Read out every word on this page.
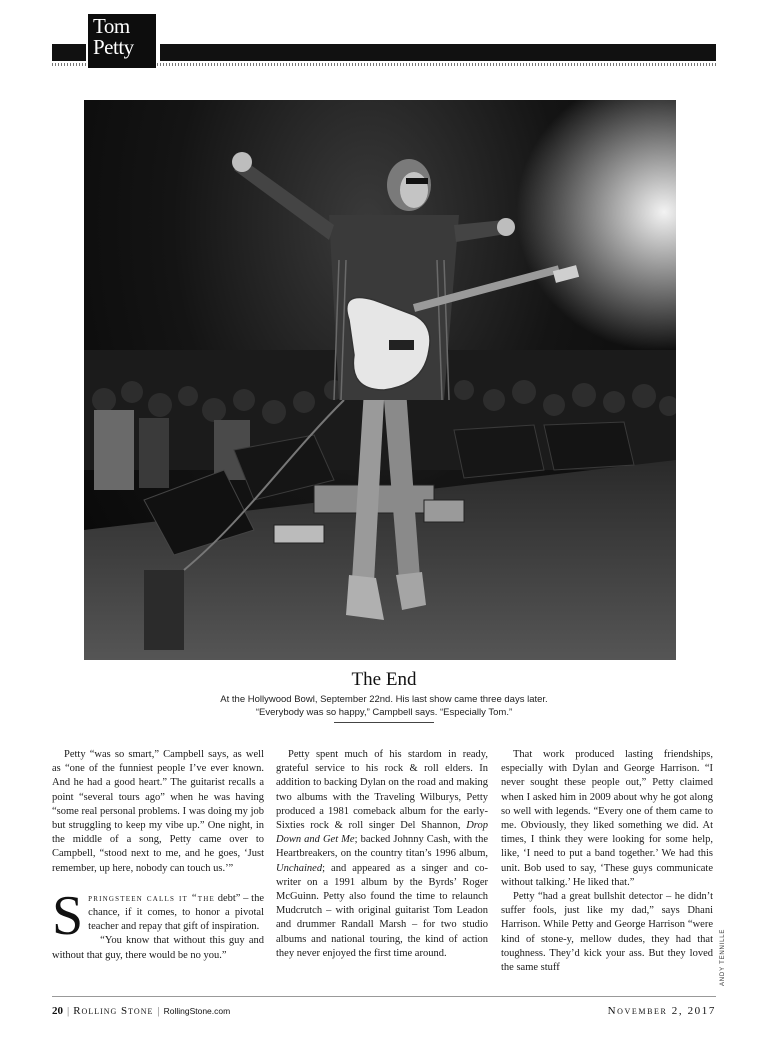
Tom
Petty
The End
At the Hollywood Bowl, September 22nd. His last show came three days later. “Everybody was so happy,” Campbell says. “Especially Tom.”

Petty “was so smart,” Campbell says, as well as “one of the funniest people I’ve ever known. And he had a good heart.” The guitarist recalls a point “several tours ago” when he was having “some real personal problems. I was doing my job but struggling to keep my vibe up.” One night, in the middle of a song, Petty came over to Campbell, “stood next to me, and he goes, ‘Just remember, up here, nobody can touch us.’”

Springsteen calls it “the debt” – the chance, if it comes, to honor a pivotal teacher and repay that gift of inspiration.

“You know that without this guy and without that guy, there would be no you.”

Petty spent much of his stardom in ready, grateful service to his rock & roll elders. In addition to backing Dylan on the road and making two albums with the Traveling Wilburys, Petty produced a 1981 comeback album for the early-Sixties rock & roll singer Del Shannon, Drop Down and Get Me; backed Johnny Cash, with the Heartbreakers, on the country titan’s 1996 album, Unchained; and appeared as a singer and co-writer on a 1991 album by the Byrds’ Roger McGuinn. Petty also found the time to relaunch Mudcrutch – with original guitarist Tom Leadon and drummer Randall Marsh – for two studio albums and national touring, the kind of action they never enjoyed the first time around.

That work produced lasting friendships, especially with Dylan and George Harrison. “I never sought these people out,” Petty claimed when I asked him in 2009 about why he got along so well with legends. “Every one of them came to me. Obviously, they liked something we did. At times, I think they were looking for some help, like, ‘I need to put a band together.’ We had this unit. Bob used to say, ‘These guys communicate without talking.’ He liked that.”

Petty “had a great bullshit detector – he didn’t suffer fools, just like my dad,” says Dhani Harrison. While Petty and George Harrison “were kind of stone-y, mellow dudes, they had that toughness. They’d kick your ass. But they loved the same stuff	ANDY TENNILLE
20 | Rolling Stone | RollingStone.com	November 2, 2017
